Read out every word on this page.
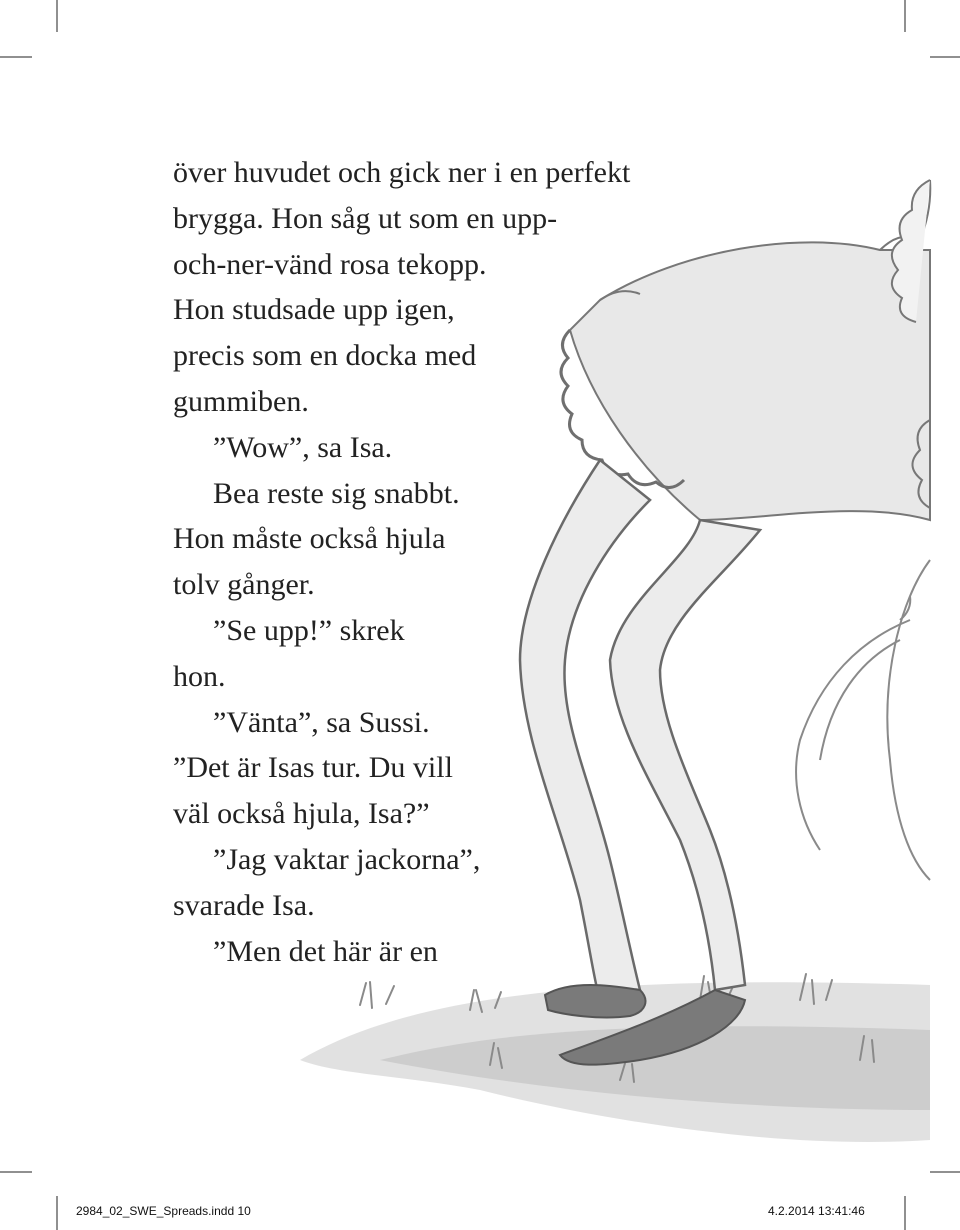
över huvudet och gick ner i en perfekt
brygga. Hon såg ut som en upp-
och-ner-vänd rosa tekopp.
Hon studsade upp igen,
precis som en docka med
gummiben.
”Wow”, sa Isa.
Bea reste sig snabbt.
Hon måste också hjula
tolv gånger.
”Se upp!” skrek
hon.
”Vänta”, sa Sussi.
”Det är Isas tur. Du vill
väl också hjula, Isa?”
”Jag vaktar jackorna”,
svarade Isa.
”Men det här är en
2984_02_SWE_Spreads.indd 10	4.2.2014 13:41:46
